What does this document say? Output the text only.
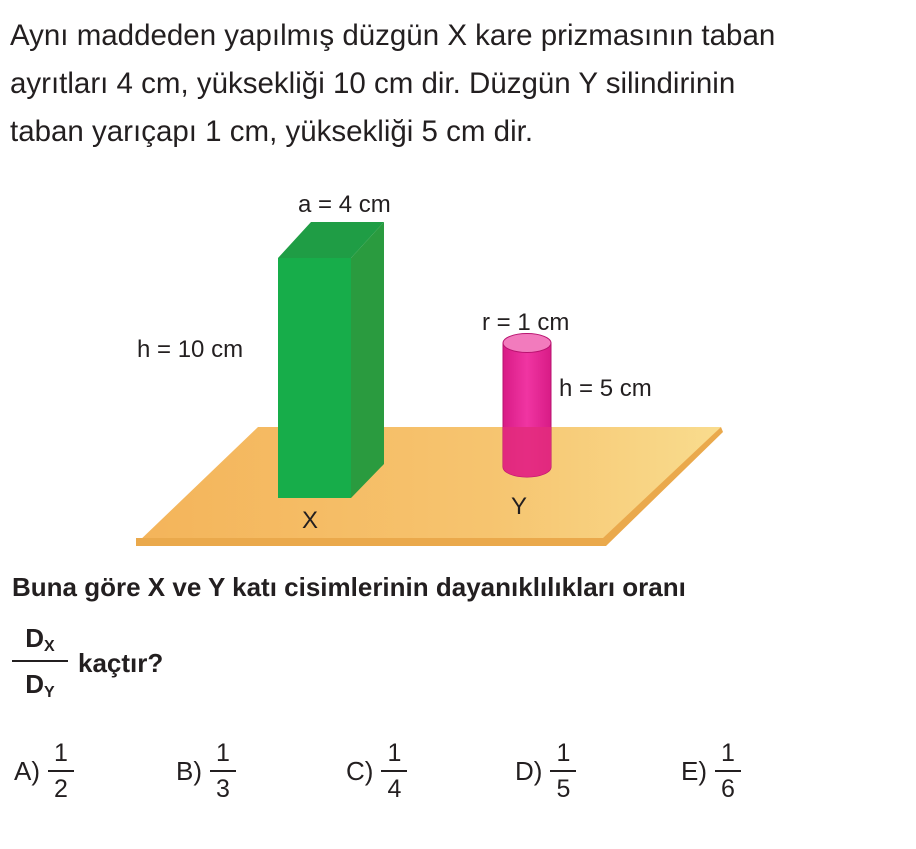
Aynı maddeden yapılmış düzgün X kare prizmasının taban
ayrıtları 4 cm, yüksekliği 10 cm dir. Düzgün Y silindirinin
taban yarıçapı 1 cm, yüksekliği 5 cm dir.

a = 4 cm
h = 10 cm
X
r = 1 cm
h = 5 cm
Y
Buna göre X ve Y katı cisimlerinin dayanıklılıkları oranı
$D_X$
$D_Y$
kaçtır?
$A) \frac{1}{2}$	$B) \frac{1}{3}$	$C) \frac{1}{4}$	$D) \frac{1}{5}$	$E) \frac{1}{6}$
